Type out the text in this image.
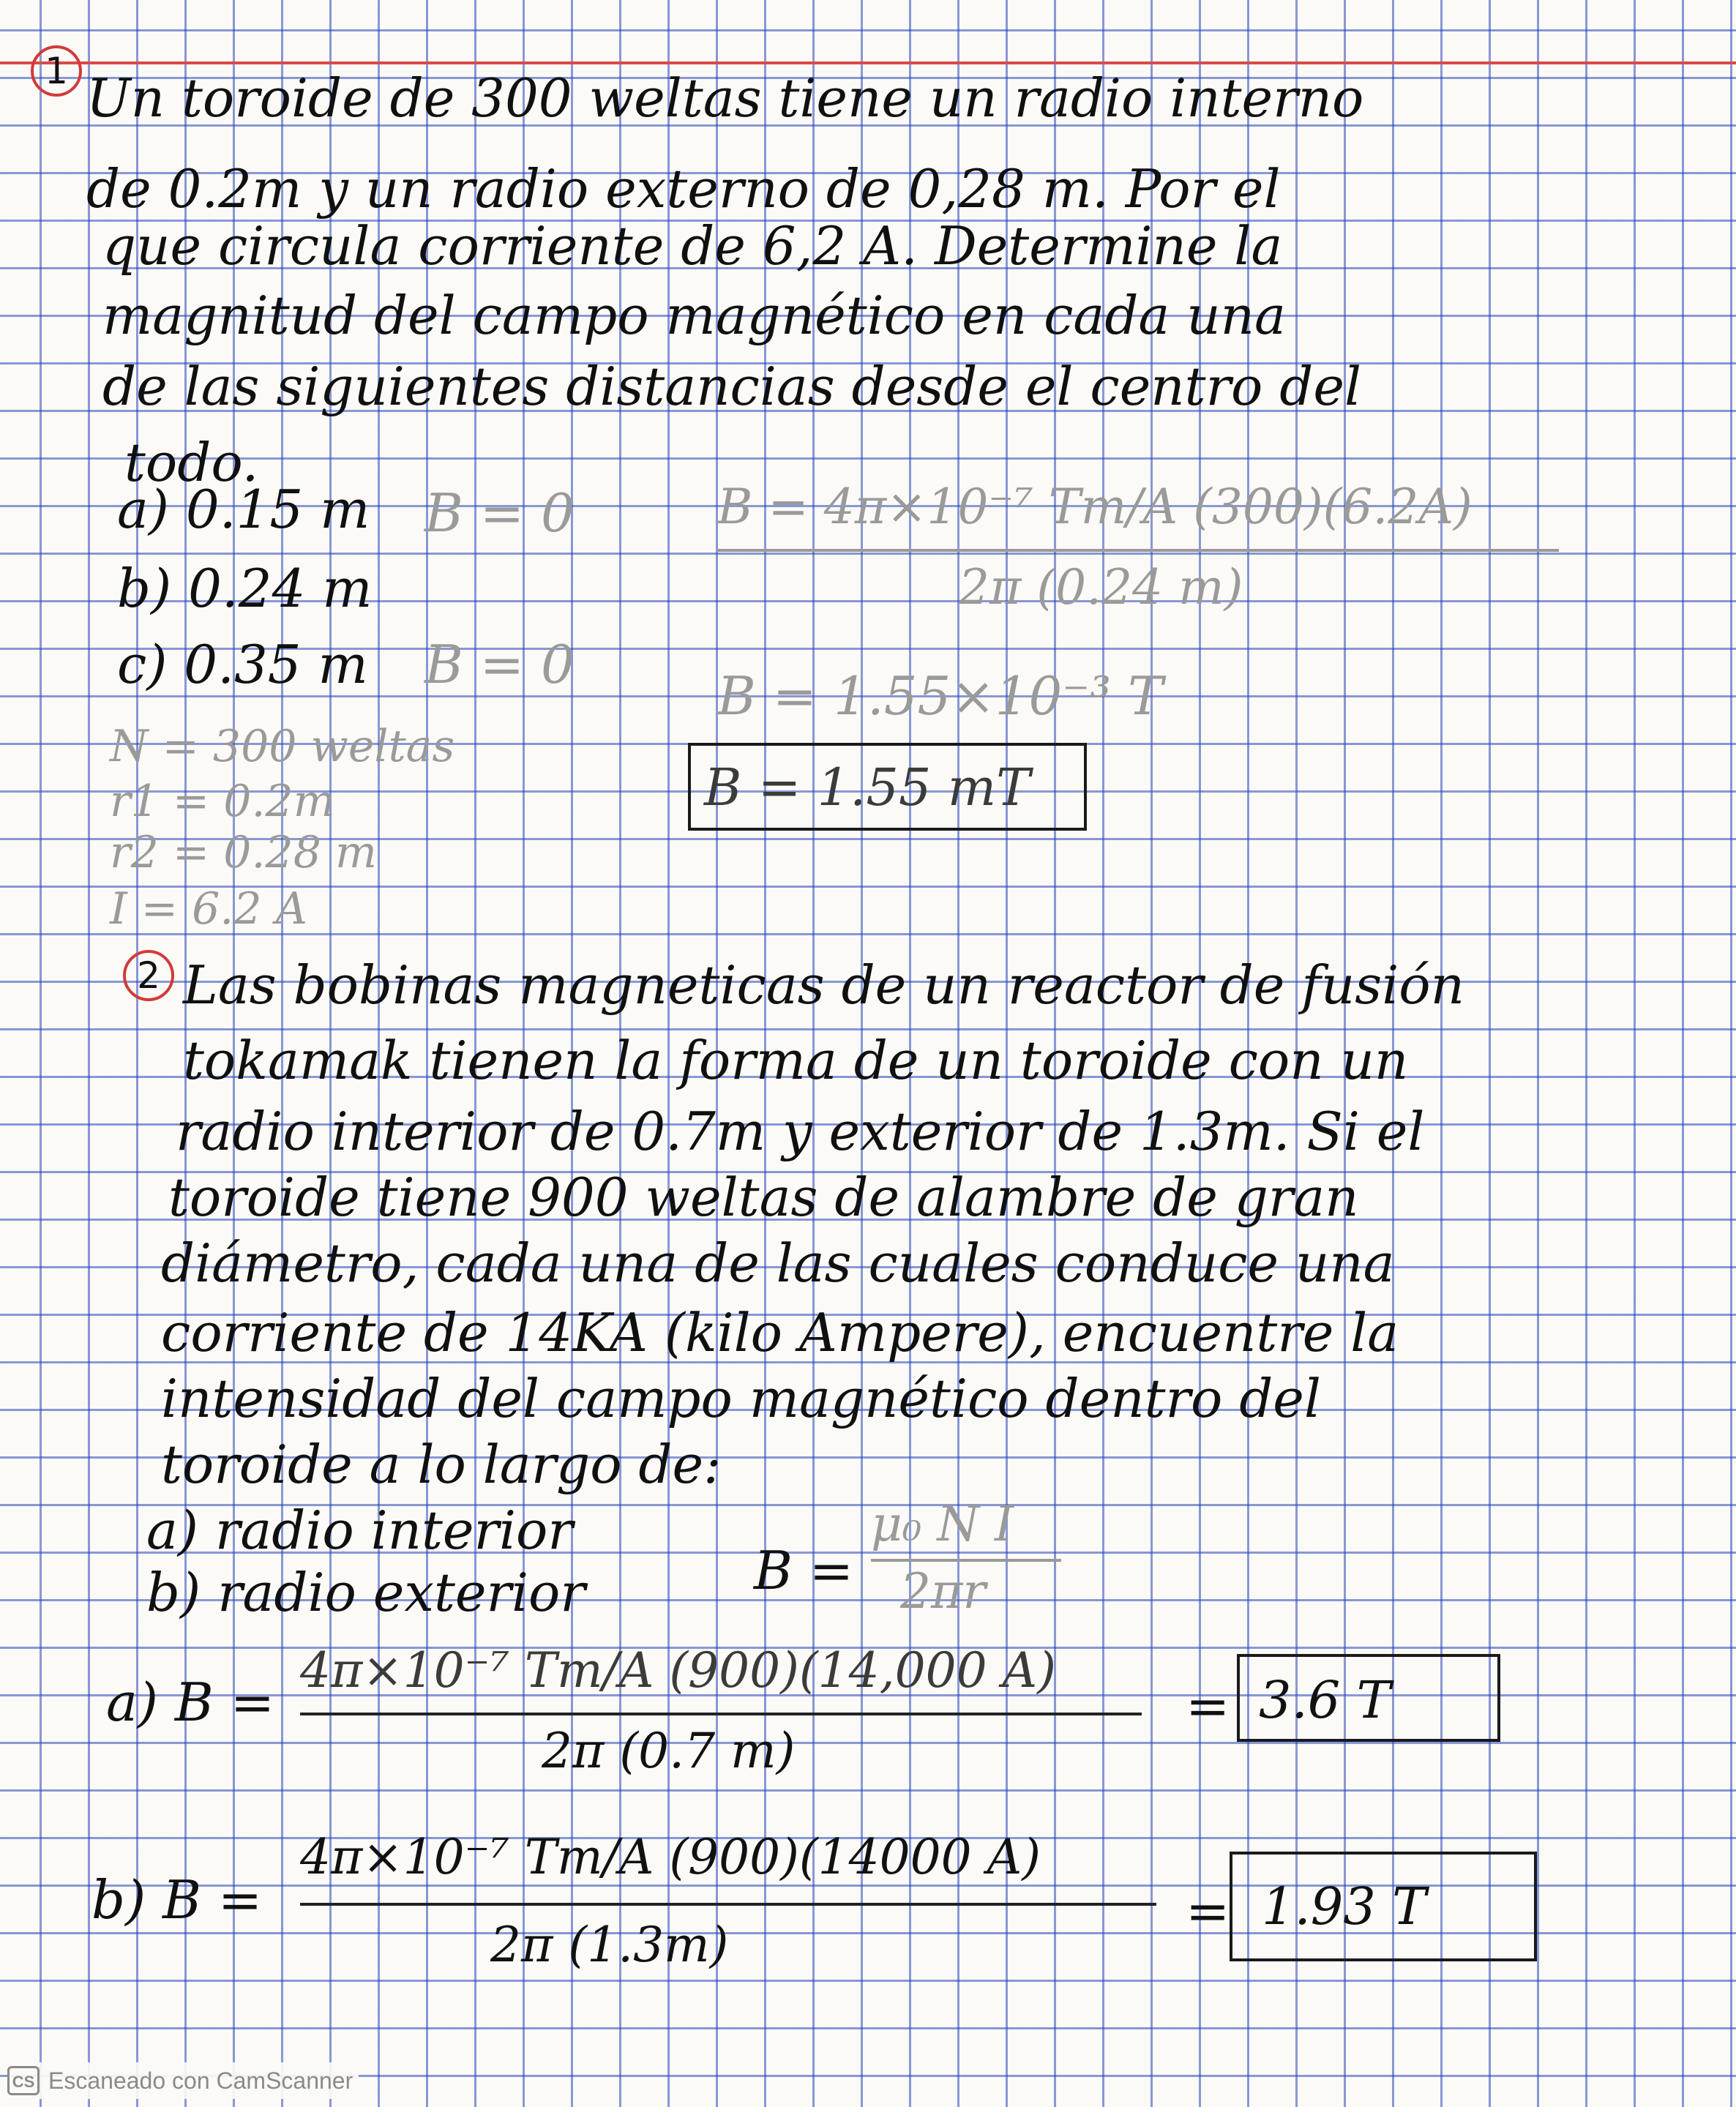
1 Un toroide de 300 weltas tiene un radio interno
de 0.2m y un radio externo de 0,28 m. Por el
que circula corriente de 6,2 A. Determine la
magnitud del campo magnético en cada una
de las siguientes distancias desde el centro del
todo.
a) 0.15 m B = 0
b) 0.24 m
c) 0.35 m B = 0
B = 4π×10⁻⁷ Tm/A (300)(6.2A)
2π (0.24 m)
B = 1.55×10⁻³ T
B = 1.55 mT
N = 300 weltas
r1 = 0.2m
r2 = 0.28 m
I = 6.2 A
2 Las bobinas magneticas de un reactor de fusión
tokamak tienen la forma de un toroide con un
radio interior de 0.7m y exterior de 1.3m. Si el
toroide tiene 900 weltas de alambre de gran
diámetro, cada una de las cuales conduce una
corriente de 14KA (kilo Ampere), encuentre la
intensidad del campo magnético dentro del
toroide a lo largo de:
a) radio interior
b) radio exterior	B =
μ₀ N I
2πr
a) B =
4π×10⁻⁷ Tm/A (900)(14,000 A)
2π (0.7 m)
= 3.6 T
b) B =
4π×10⁻⁷ Tm/A (900)(14000 A)
2π (1.3m)
= 1.93 T
CS Escaneado con CamScanner
